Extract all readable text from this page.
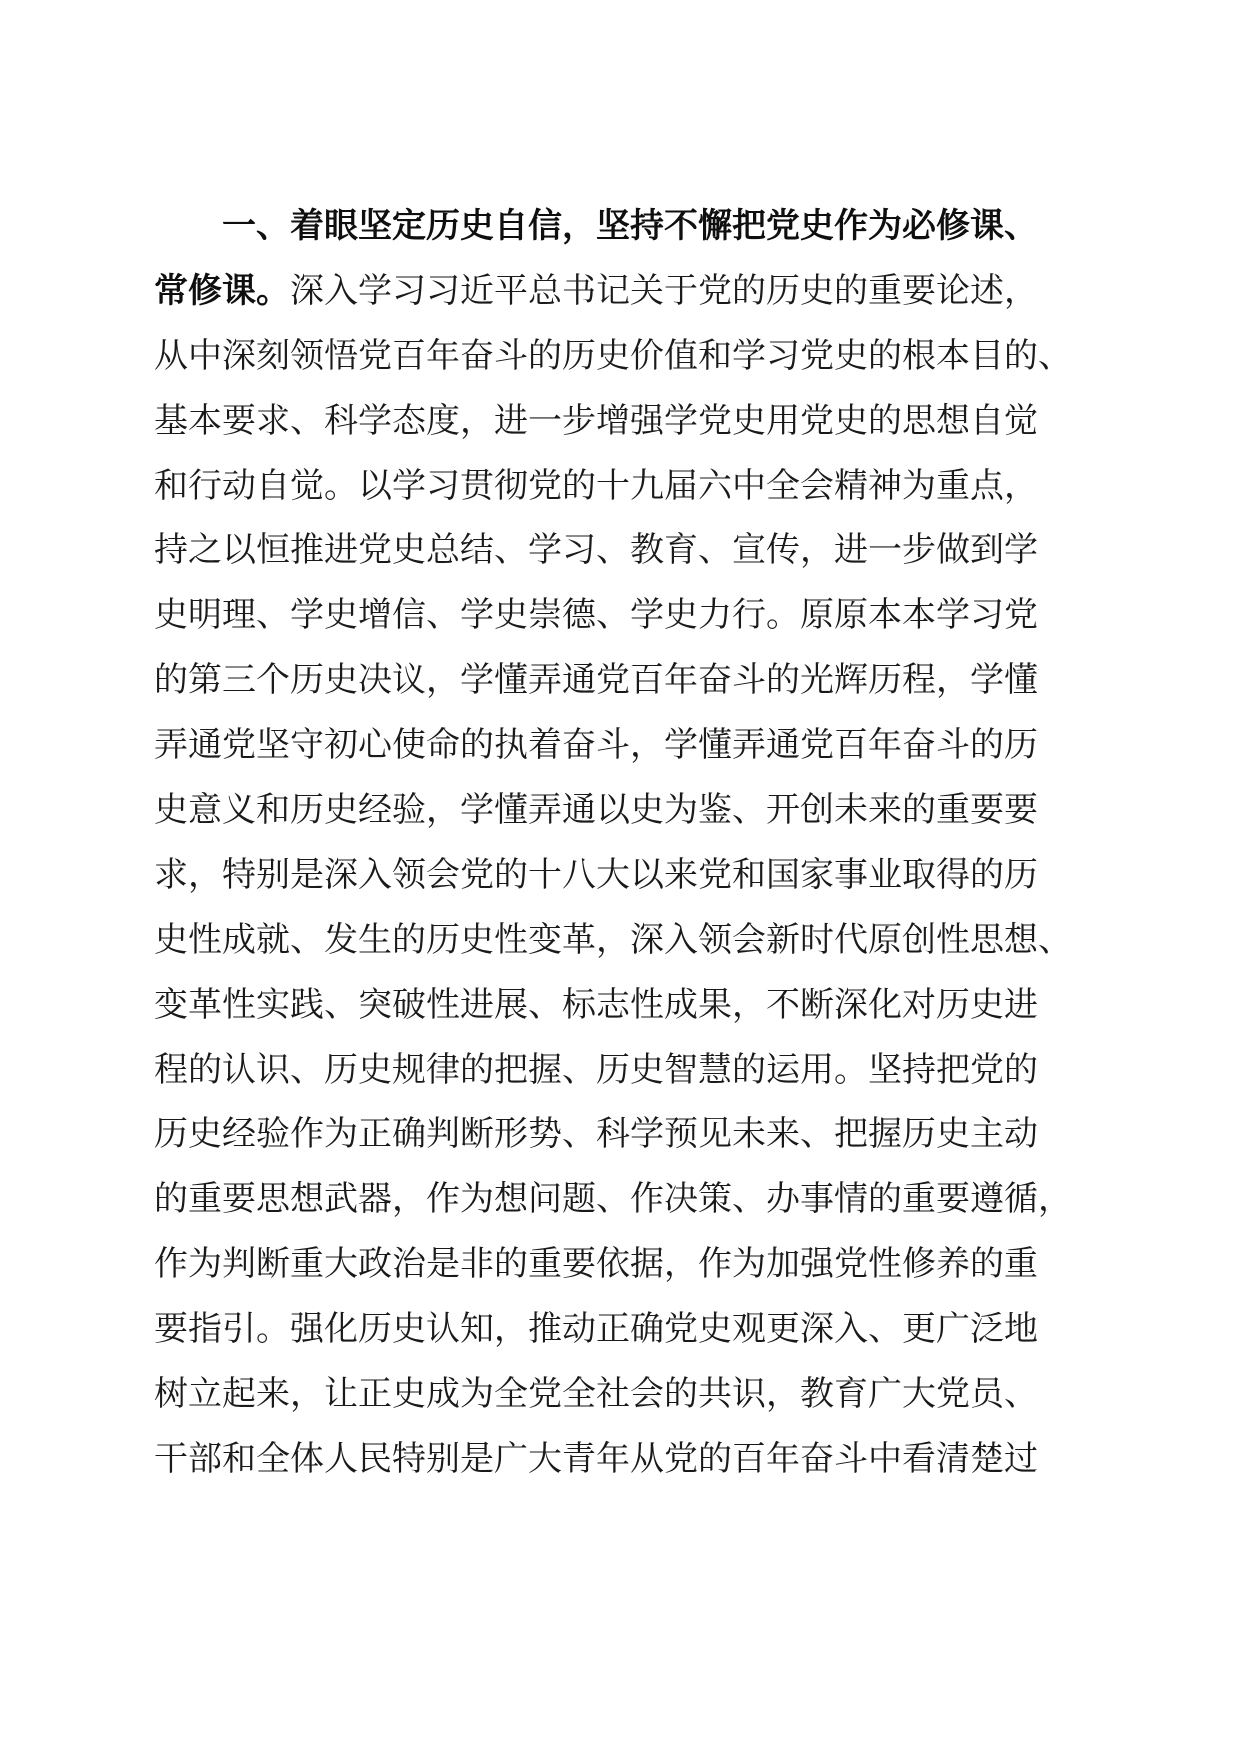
一、着眼坚定历史自信，坚持不懈把党史作为必修课、
常修课。 深入学习习近平总书记关于党的历史的重要论述，
从中深刻领悟党百年奋斗的历史价值和学习党史的根本目的、
基本要求、科学态度，进一步增强学党史用党史的思想自觉
和行动自觉。以学习贯彻党的十九届六中全会精神为重点，
持之以恒推进党史总结、学习、教育、宣传，进一步做到学
史明理、学史增信、学史崇德、学史力行。原原本本学习党
的第三个历史决议，学懂弄通党百年奋斗的光辉历程，学懂
弄通党坚守初心使命的执着奋斗，学懂弄通党百年奋斗的历
史意义和历史经验，学懂弄通以史为鉴、开创未来的重要要
求，特别是深入领会党的十八大以来党和国家事业取得的历
史性成就、发生的历史性变革，深入领会新时代原创性思想、
变革性实践、突破性进展、标志性成果，不断深化对历史进
程的认识、历史规律的把握、历史智慧的运用。坚持把党的
历史经验作为正确判断形势、科学预见未来、把握历史主动
的重要思想武器，作为想问题、作决策、办事情的重要遵循，
作为判断重大政治是非的重要依据，作为加强党性修养的重
要指引。强化历史认知，推动正确党史观更深入、更广泛地
树立起来，让正史成为全党全社会的共识，教育广大党员、
干部和全体人民特别是广大青年从党的百年奋斗中看清楚过
